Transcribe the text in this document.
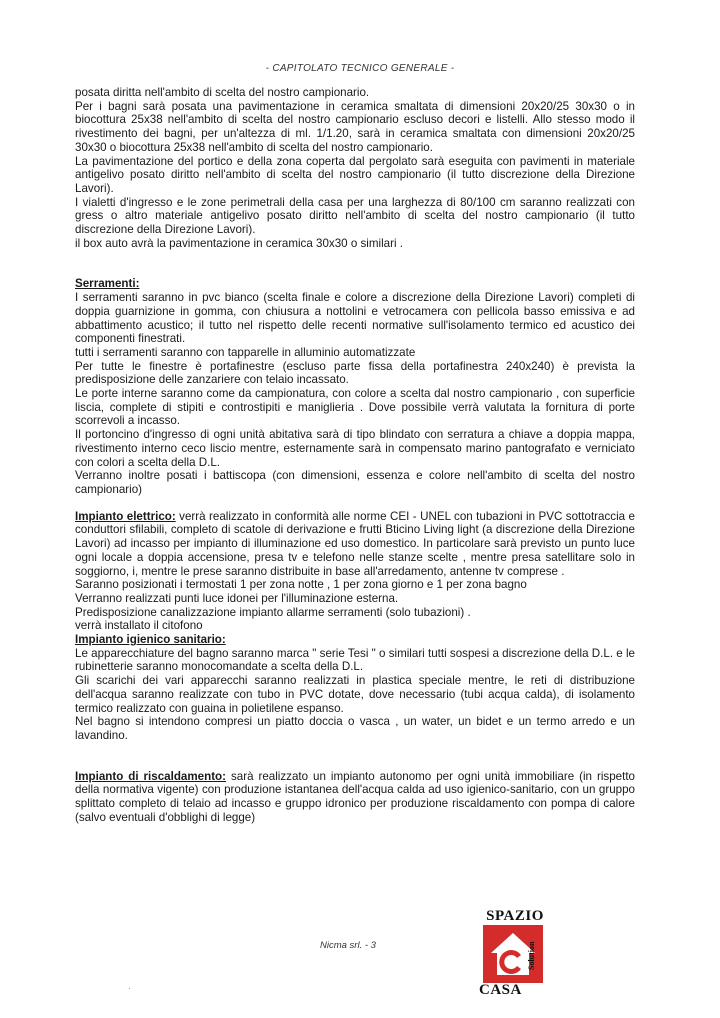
- CAPITOLATO TECNICO GENERALE -

posata diritta nell'ambito di scelta del nostro campionario.

Per i bagni sarà posata una pavimentazione in ceramica smaltata di dimensioni 20x20/25 30x30 o in biocottura 25x38 nell'ambito di scelta del nostro campionario escluso decori e listelli. Allo stesso modo il rivestimento dei bagni, per un'altezza di ml. 1/1.20, sarà in ceramica smaltata con dimensioni 20x20/25 30x30 o biocottura 25x38 nell'ambito di scelta del nostro campionario.

La pavimentazione del portico e della zona coperta dal pergolato sarà eseguita con pavimenti in materiale antigelivo posato diritto nell'ambito di scelta del nostro campionario (il tutto discrezione della Direzione Lavori).

I vialetti d'ingresso e le zone perimetrali della casa per una larghezza di 80/100 cm saranno realizzati con gress o altro materiale antigelivo posato diritto nell'ambito di scelta del nostro campionario (il tutto discrezione della Direzione Lavori).

il box auto avrà la pavimentazione in ceramica 30x30 o similari .

Serramenti:

I serramenti saranno in pvc bianco (scelta finale e colore a discrezione della Direzione Lavori) completi di doppia guarnizione in gomma, con chiusura a nottolini e vetrocamera con pellicola basso emissiva e ad abbattimento acustico; il tutto nel rispetto delle recenti normative sull'isolamento termico ed acustico dei componenti finestrati.

tutti i serramenti saranno con tapparelle in alluminio automatizzate

Per tutte le finestre è portafinestre (escluso parte fissa della portafinestra 240x240) è prevista la predisposizione delle zanzariere con telaio incassato.

Le porte interne saranno come da campionatura, con colore a scelta dal nostro campionario , con superficie liscia, complete di stipiti e controstipiti e maniglieria . Dove possibile verrà valutata la fornitura di porte scorrevoli a incasso.

Il portoncino d'ingresso di ogni unità abitativa sarà di tipo blindato con serratura a chiave a doppia mappa, rivestimento interno ceco liscio mentre, esternamente sarà in compensato marino pantografato e verniciato con colori a scelta della D.L.

Verranno inoltre posati i battiscopa (con dimensioni, essenza e colore nell'ambito di scelta del nostro campionario)

Impianto elettrico: verrà realizzato in conformità alle norme CEI - UNEL con tubazioni in PVC sottotraccia e conduttori sfilabili, completo di scatole di derivazione e frutti Bticino Living light (a discrezione della Direzione Lavori) ad incasso per impianto di illuminazione ed uso domestico. In particolare sarà previsto un punto luce ogni locale a doppia accensione, presa tv e telefono nelle stanze scelte , mentre presa satellitare solo in soggiorno, i, mentre le prese saranno distribuite in base all'arredamento, antenne tv comprese .

Saranno posizionati i termostati 1 per zona notte , 1 per zona giorno e 1 per zona bagno

Verranno realizzati punti luce idonei per l'illuminazione esterna.

Predisposizione canalizzazione impianto allarme serramenti (solo tubazioni) .

verrà installato il citofono

Impianto igienico sanitario:

Le apparecchiature del bagno saranno marca " serie Tesi " o similari tutti sospesi a discrezione della D.L. e le rubinetterie saranno monocomandate a scelta della D.L.

Gli scarichi dei vari apparecchi saranno realizzati in plastica speciale mentre, le reti di distribuzione dell'acqua saranno realizzate con tubo in PVC dotate, dove necessario (tubi acqua calda), di isolamento termico realizzato con guaina in polietilene espanso.

Nel bagno si intendono compresi un piatto doccia o vasca , un water, un bidet e un termo arredo e un lavandino.

Impianto di riscaldamento: sarà realizzato un impianto autonomo per ogni unità immobiliare (in rispetto della normativa vigente) con produzione istantanea dell'acqua calda ad uso igienico-sanitario, con un gruppo splittato completo di telaio ad incasso e gruppo idronico per produzione riscaldamento con pompa di calore (salvo eventuali d'obblighi di legge)

Nicma srl. - 3
SPAZIO
CASA
Solution
·
